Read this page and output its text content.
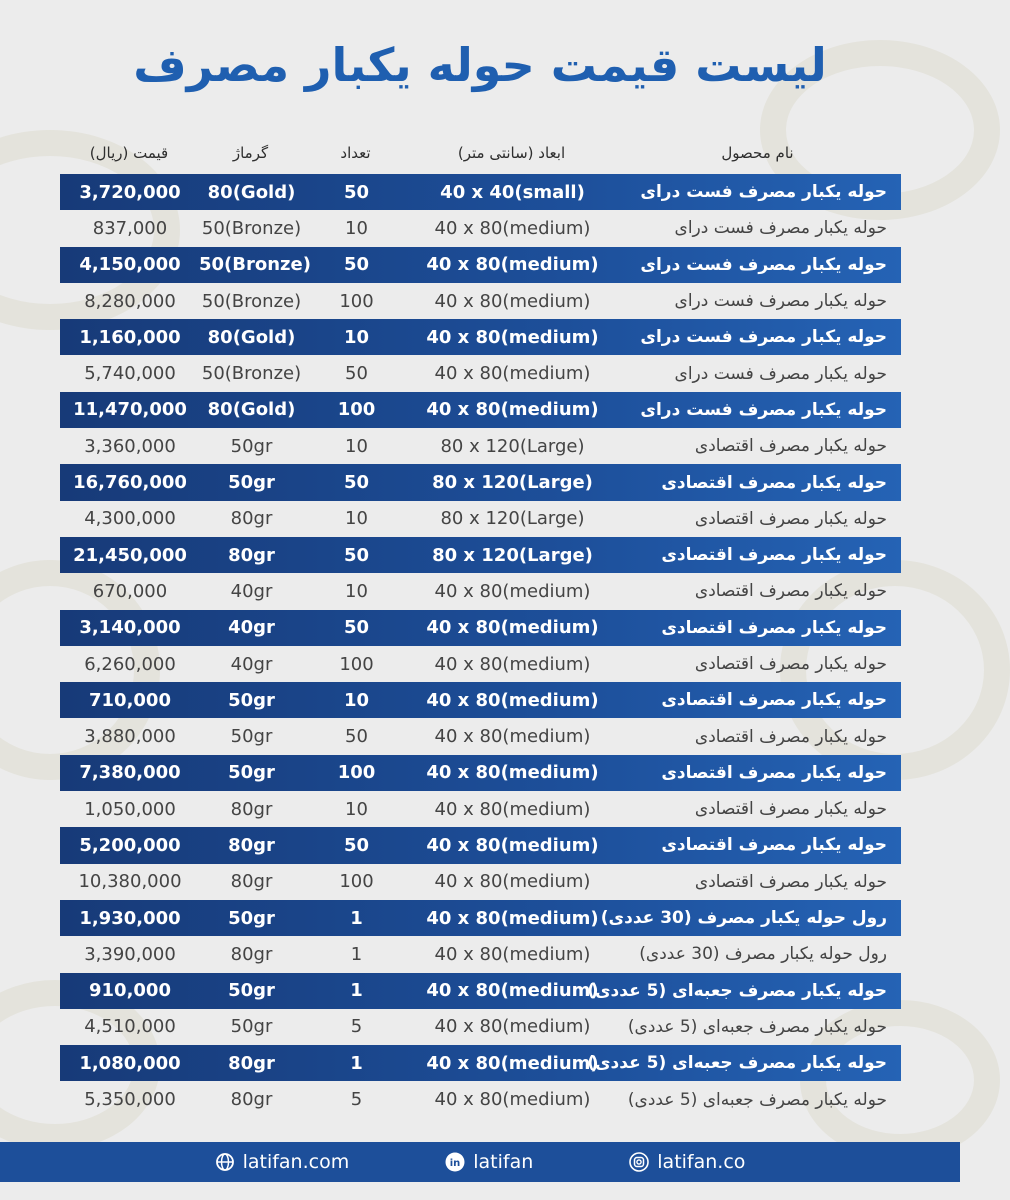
لیست قیمت حوله یکبار مصرف
نام محصول
ابعاد (سانتی متر)
تعداد
گرماژ
قیمت (ریال)
حوله یکبار مصرف فست درای
40 x 40(small)
50
80(Gold)
3,720,000
حوله یکبار مصرف فست درای
40 x 80(medium)
10
50(Bronze)
837,000
حوله یکبار مصرف فست درای
40 x 80(medium)
50
50(Bronze)
4,150,000
حوله یکبار مصرف فست درای
40 x 80(medium)
100
50(Bronze)
8,280,000
حوله یکبار مصرف فست درای
40 x 80(medium)
10
80(Gold)
1,160,000
حوله یکبار مصرف فست درای
40 x 80(medium)
50
50(Bronze)
5,740,000
حوله یکبار مصرف فست درای
40 x 80(medium)
100
80(Gold)
11,470,000
حوله یکبار مصرف اقتصادی
80 x 120(Large)
10
50gr
3,360,000
حوله یکبار مصرف اقتصادی
80 x 120(Large)
50
50gr
16,760,000
حوله یکبار مصرف اقتصادی
80 x 120(Large)
10
80gr
4,300,000
حوله یکبار مصرف اقتصادی
80 x 120(Large)
50
80gr
21,450,000
حوله یکبار مصرف اقتصادی
40 x 80(medium)
10
40gr
670,000
حوله یکبار مصرف اقتصادی
40 x 80(medium)
50
40gr
3,140,000
حوله یکبار مصرف اقتصادی
40 x 80(medium)
100
40gr
6,260,000
حوله یکبار مصرف اقتصادی
40 x 80(medium)
10
50gr
710,000
حوله یکبار مصرف اقتصادی
40 x 80(medium)
50
50gr
3,880,000
حوله یکبار مصرف اقتصادی
40 x 80(medium)
100
50gr
7,380,000
حوله یکبار مصرف اقتصادی
40 x 80(medium)
10
80gr
1,050,000
حوله یکبار مصرف اقتصادی
40 x 80(medium)
50
80gr
5,200,000
حوله یکبار مصرف اقتصادی
40 x 80(medium)
100
80gr
10,380,000
رول حوله یکبار مصرف (30 عددی)
40 x 80(medium)
1
50gr
1,930,000
رول حوله یکبار مصرف (30 عددی)
40 x 80(medium)
1
80gr
3,390,000
حوله یکبار مصرف جعبه‌ای (5 عددی)
40 x 80(medium)
1
50gr
910,000
حوله یکبار مصرف جعبه‌ای (5 عددی)
40 x 80(medium)
5
50gr
4,510,000
حوله یکبار مصرف جعبه‌ای (5 عددی)
40 x 80(medium)
1
80gr
1,080,000
حوله یکبار مصرف جعبه‌ای (5 عددی)
40 x 80(medium)
5
80gr
5,350,000
latifan.com	in latifan	latifan.co
